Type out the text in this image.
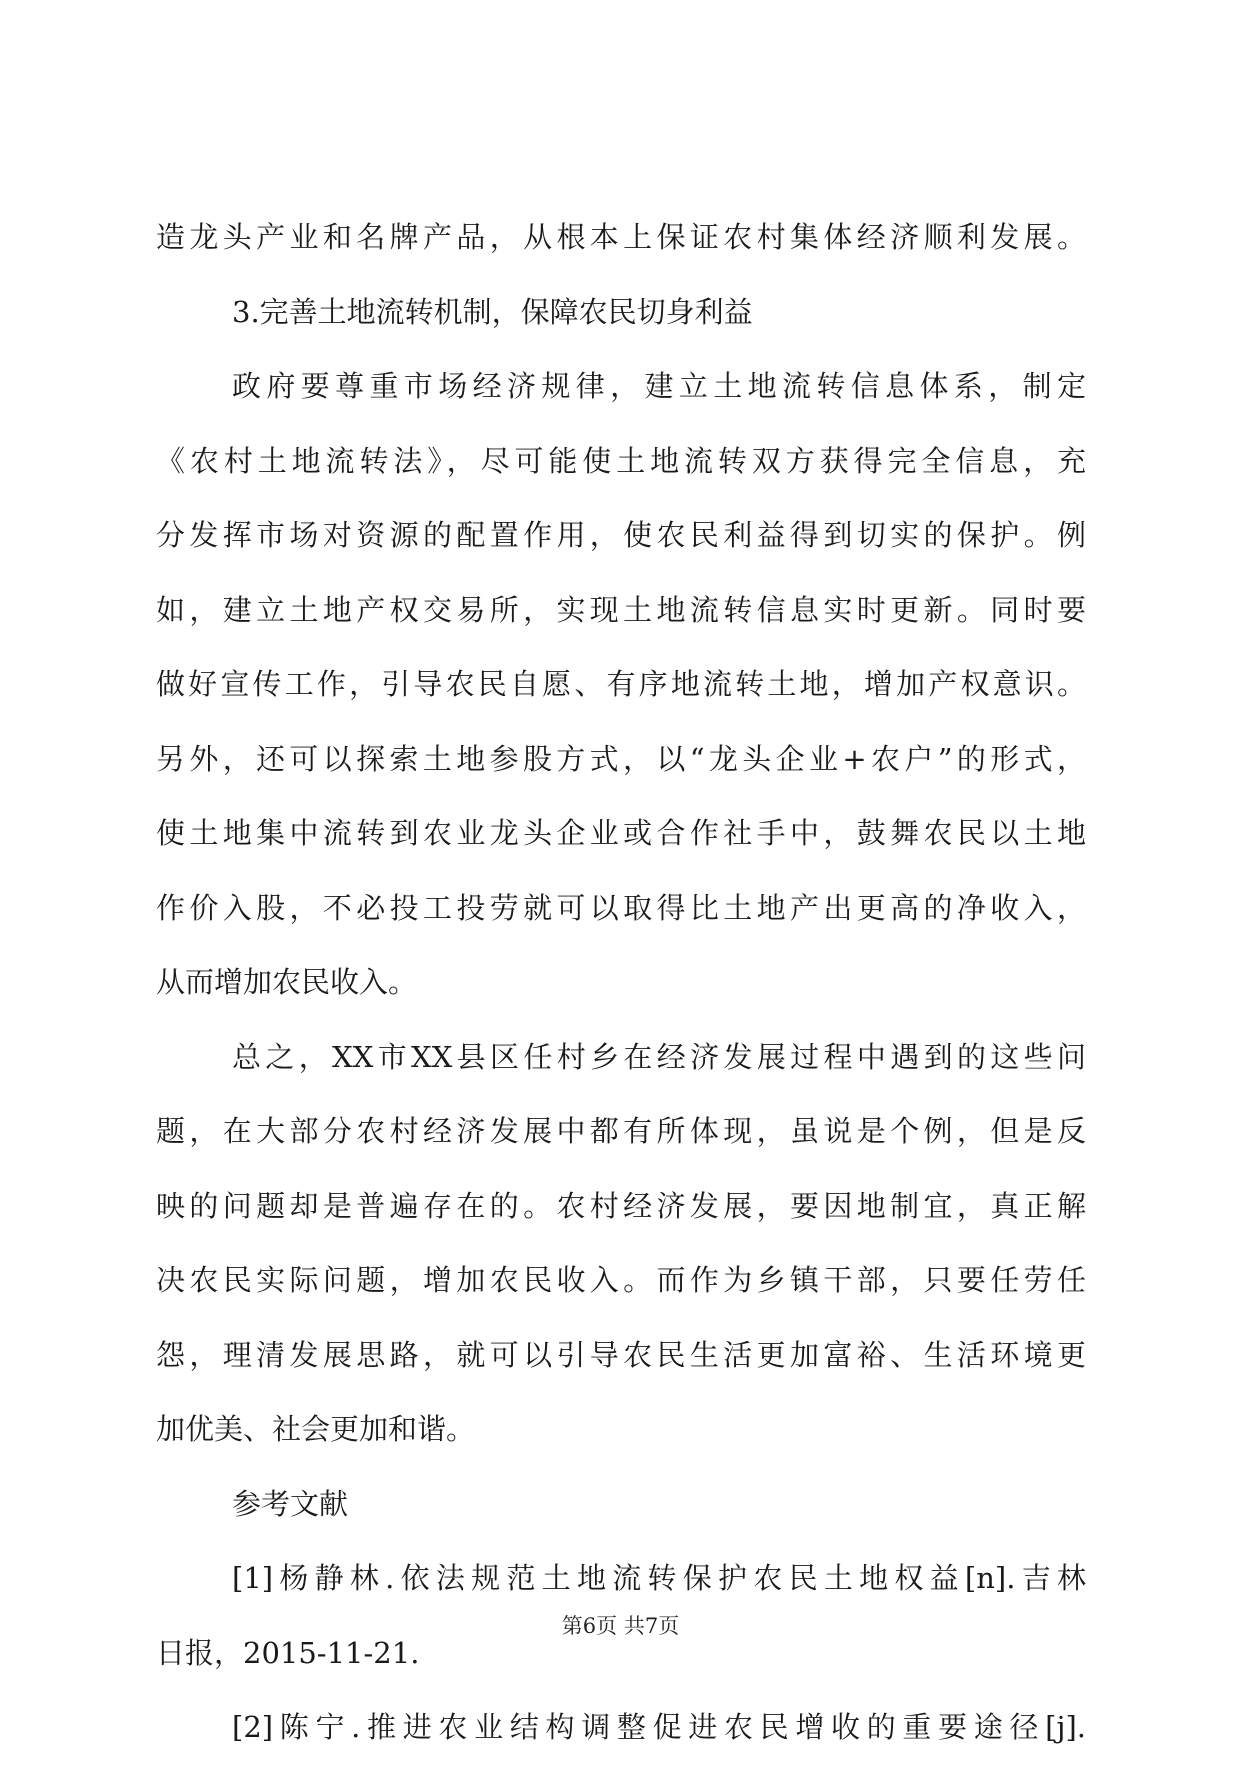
造龙头产业和名牌产品，从根本上保证农村集体经济顺利发展。
3.完善土地流转机制，保障农民切身利益
政府要尊重市场经济规律，建立土地流转信息体系，制定
《农村土地流转法》，尽可能使土地流转双方获得完全信息，充
分发挥市场对资源的配置作用，使农民利益得到切实的保护。例
如，建立土地产权交易所，实现土地流转信息实时更新。同时要
做好宣传工作，引导农民自愿、有序地流转土地，增加产权意识。
另外，还可以探索土地参股方式，以“龙头企业+农户”的形式，
使土地集中流转到农业龙头企业或合作社手中，鼓舞农民以土地
作价入股，不必投工投劳就可以取得比土地产出更高的净收入，
从而增加农民收入。
总之，XX市XX县区任村乡在经济发展过程中遇到的这些问
题，在大部分农村经济发展中都有所体现，虽说是个例，但是反
映的问题却是普遍存在的。农村经济发展，要因地制宜，真正解
决农民实际问题，增加农民收入。而作为乡镇干部，只要任劳任
怨，理清发展思路，就可以引导农民生活更加富裕、生活环境更
加优美、社会更加和谐。
参考文献
[1]杨静林.依法规范土地流转保护农民土地权益[n].吉林
日报，2015-11-21.
[2]陈宁.推进农业结构调整促进农民增收的重要途径[j].
第6页 共7页
